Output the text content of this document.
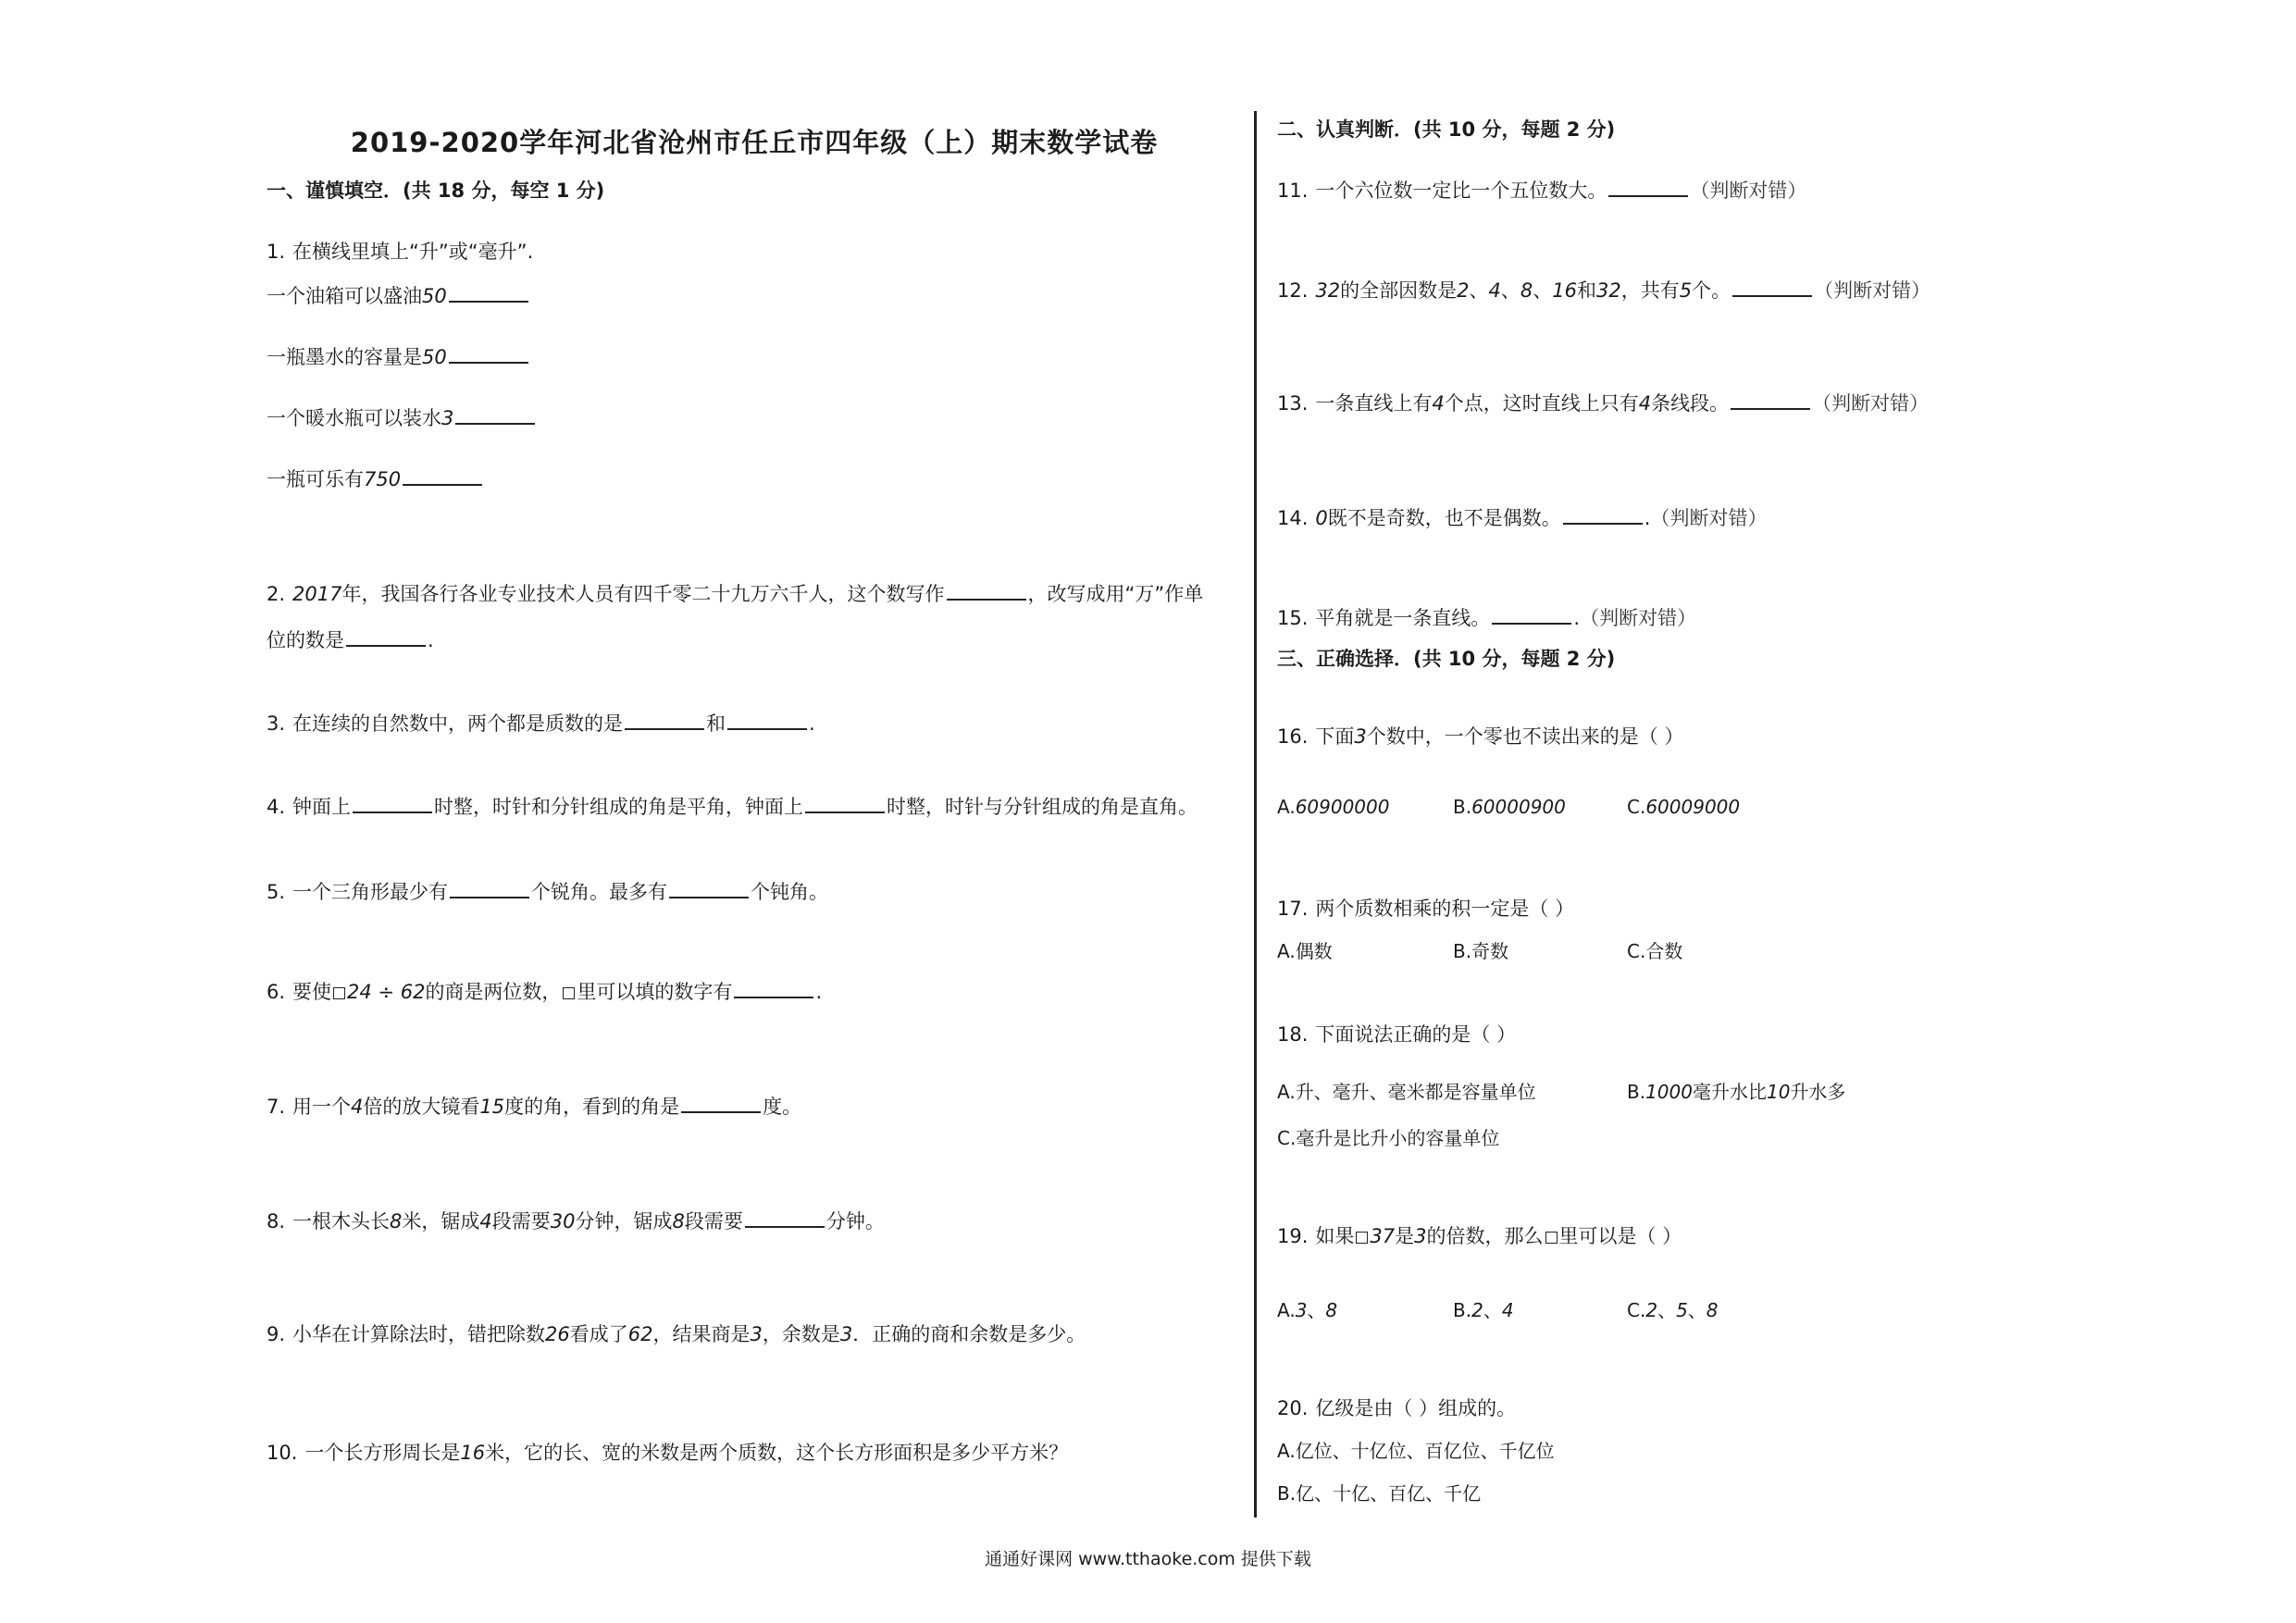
2019-2020学年河北省沧州市任丘市四年级（上）期末数学试卷
一、谨慎填空．(共 18 分，每空 1 分)
1. 在横线里填上“升”或“毫升”.
一个油箱可以盛油50
一瓶墨水的容量是50
一个暖水瓶可以装水3
一瓶可乐有750
2. 2017年，我国各行各业专业技术人员有四千零二十九万六千人，这个数写作	，改写成用“万”作单
位的数是	.
3. 在连续的自然数中，两个都是质数的是	和	.
4. 钟面上	时整，时针和分针组成的角是平角，钟面上	时整，时针与分针组成的角是直角。
5. 一个三角形最少有	个锐角。最多有	个钝角。
6. 要使 24 ÷ 62的商是两位数， 里可以填的数字有	.
7. 用一个4倍的放大镜看15度的角，看到的角是	度。
8. 一根木头长8米，锯成4段需要30分钟，锯成8段需要	分钟。
9. 小华在计算除法时，错把除数26看成了62，结果商是3，余数是3．正确的商和余数是多少。
10. 一个长方形周长是16米，它的长、宽的米数是两个质数，这个长方形面积是多少平方米？
二、认真判断．(共 10 分，每题 2 分)
11. 一个六位数一定比一个五位数大。	（判断对错）
12. 32的全部因数是2、4、8、16和32，共有5个。	（判断对错）
13. 一条直线上有4个点，这时直线上只有4条线段。	（判断对错）
14. 0既不是奇数，也不是偶数。	.（判断对错）
15. 平角就是一条直线。	.（判断对错）
三、正确选择．(共 10 分，每题 2 分)
16. 下面3个数中，一个零也不读出来的是（ ）
A.60900000	B.60000900	C.60009000
17. 两个质数相乘的积一定是（ ）
A.偶数	B.奇数	C.合数
18. 下面说法正确的是（ ）
A.升、毫升、毫米都是容量单位	B.1000毫升水比10升水多
C.毫升是比升小的容量单位
19. 如果 37是3的倍数，那么 里可以是（ ）
A.3、8	B.2、4	C.2、5、8
20. 亿级是由（ ）组成的。
A.亿位、十亿位、百亿位、千亿位
B.亿、十亿、百亿、千亿
通通好课网 www.tthaoke.com 提供下载
